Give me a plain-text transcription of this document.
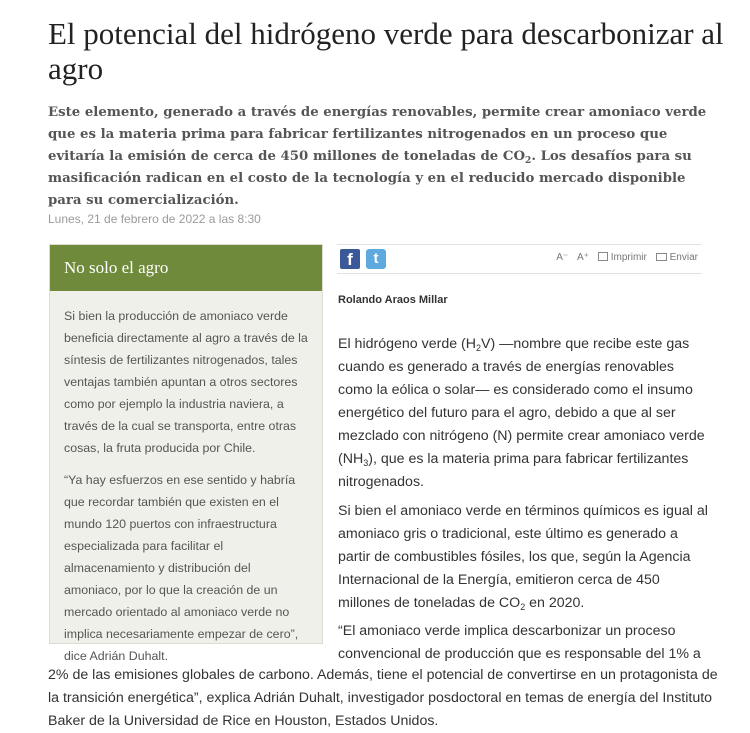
El potencial del hidrógeno verde para descarbonizar al agro

Este elemento, generado a través de energías renovables, permite crear amoniaco verde que es la materia prima para fabricar fertilizantes nitrogenados en un proceso que evitaría la emisión de cerca de 450 millones de toneladas de $CO_2$. Los desafíos para su masificación radican en el costo de la tecnología y en el reducido mercado disponible para su comercialización.

Lunes, 21 de febrero de 2022 a las 8:30
No solo el agro

Si bien la producción de amoniaco verde beneficia directamente al agro a través de la síntesis de fertilizantes nitrogenados, tales ventajas también apuntan a otros sectores como por ejemplo la industria naviera, a través de la cual se transporta, entre otras cosas, la fruta producida por Chile.

“Ya hay esfuerzos en ese sentido y habría que recordar también que existen en el mundo 120 puertos con infraestructura especializada para facilitar el almacenamiento y distribución del amoniaco, por lo que la creación de un mercado orientado al amoniaco verde no implica necesariamente empezar de cero”, dice Adrián Duhalt.

f	t	A⁻ A⁺ Imprimir Enviar
Rolando Araos Millar

El hidrógeno verde $(H_2V)$ —nombre que recibe este gas cuando es generado a través de energías renovables como la eólica o solar— es considerado como el insumo energético del futuro para el agro, debido a que al ser mezclado con nitrógeno (N) permite crear amoniaco verde $(NH_3)$, que es la materia prima para fabricar fertilizantes nitrogenados.

Si bien el amoniaco verde en términos químicos es igual al amoniaco gris o tradicional, este último es generado a partir de combustibles fósiles, los que, según la Agencia Internacional de la Energía, emitieron cerca de 450 millones de toneladas de $CO_2$ en 2020.

“El amoniaco verde implica descarbonizar un proceso convencional de producción que es responsable del 1% a

2% de las emisiones globales de carbono. Además, tiene el potencial de convertirse en un protagonista de la transición energética”, explica Adrián Duhalt, investigador posdoctoral en temas de energía del Instituto Baker de la Universidad de Rice en Houston, Estados Unidos.
